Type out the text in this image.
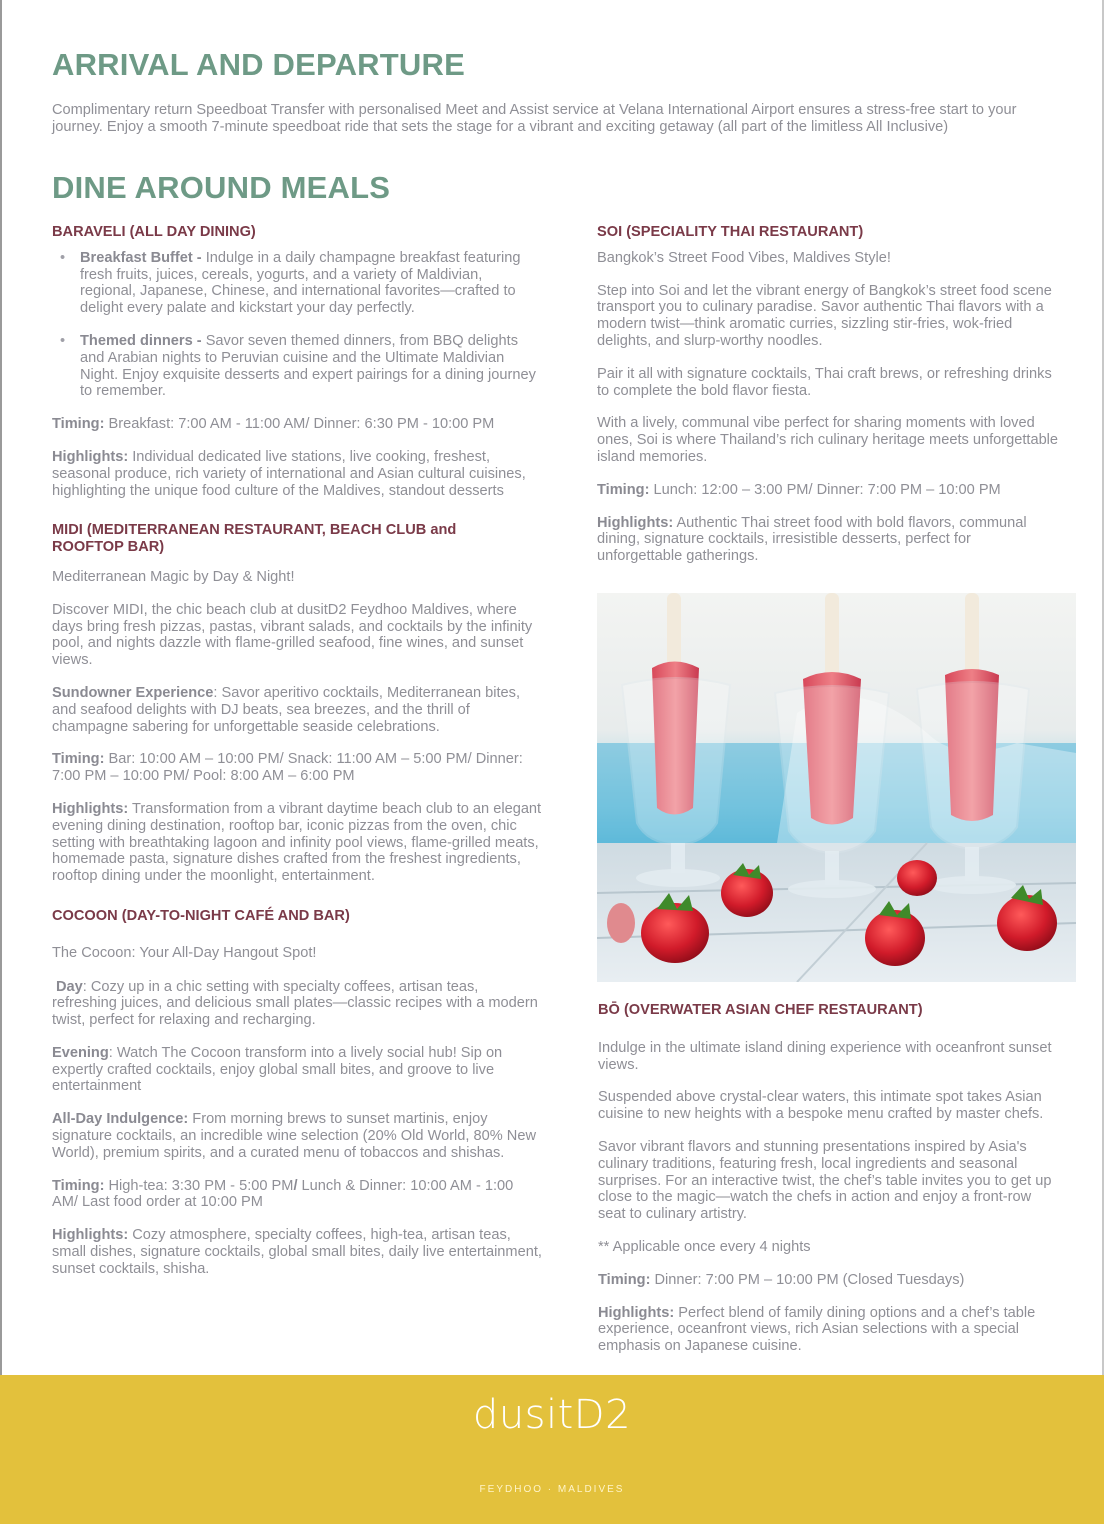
ARRIVAL AND DEPARTURE

Complimentary return Speedboat Transfer with personalised Meet and Assist service at Velana International Airport ensures a stress-free start to your journey. Enjoy a smooth 7-minute speedboat ride that sets the stage for a vibrant and exciting getaway (all part of the limitless All Inclusive)

DINE AROUND MEALS

BARAVELI (ALL DAY DINING)

• Breakfast Buffet - Indulge in a daily champagne breakfast featuring fresh fruits, juices, cereals, yogurts, and a variety of Maldivian, regional, Japanese, Chinese, and international favorites—crafted to delight every palate and kickstart your day perfectly.
• Themed dinners - Savor seven themed dinners, from BBQ delights and Arabian nights to Peruvian cuisine and the Ultimate Maldivian Night. Enjoy exquisite desserts and expert pairings for a dining journey to remember.

Timing: Breakfast: 7:00 AM - 11:00 AM/ Dinner: 6:30 PM - 10:00 PM

Highlights: Individual dedicated live stations, live cooking, freshest, seasonal produce, rich variety of international and Asian cultural cuisines, highlighting the unique food culture of the Maldives, standout desserts

MIDI (MEDITERRANEAN RESTAURANT, BEACH CLUB and ROOFTOP BAR)

Mediterranean Magic by Day & Night!

Discover MIDI, the chic beach club at dusitD2 Feydhoo Maldives, where days bring fresh pizzas, pastas, vibrant salads, and cocktails by the infinity pool, and nights dazzle with flame-grilled seafood, fine wines, and sunset views.

Sundowner Experience: Savor aperitivo cocktails, Mediterranean bites, and seafood delights with DJ beats, sea breezes, and the thrill of champagne sabering for unforgettable seaside celebrations.

Timing: Bar: 10:00 AM – 10:00 PM/ Snack: 11:00 AM – 5:00 PM/ Dinner: 7:00 PM – 10:00 PM/ Pool: 8:00 AM – 6:00 PM

Highlights: Transformation from a vibrant daytime beach club to an elegant evening dining destination, rooftop bar, iconic pizzas from the oven, chic setting with breathtaking lagoon and infinity pool views, flame-grilled meats, homemade pasta, signature dishes crafted from the freshest ingredients, rooftop dining under the moonlight, entertainment.

COCOON (DAY-TO-NIGHT CAFÉ AND BAR)

The Cocoon: Your All-Day Hangout Spot!

Day: Cozy up in a chic setting with specialty coffees, artisan teas, refreshing juices, and delicious small plates—classic recipes with a modern twist, perfect for relaxing and recharging.

Evening: Watch The Cocoon transform into a lively social hub! Sip on expertly crafted cocktails, enjoy global small bites, and groove to live entertainment

All-Day Indulgence: From morning brews to sunset martinis, enjoy signature cocktails, an incredible wine selection (20% Old World, 80% New World), premium spirits, and a curated menu of tobaccos and shishas.

Timing: High-tea: 3:30 PM - 5:00 PM/ Lunch & Dinner: 10:00 AM - 1:00 AM/ Last food order at 10:00 PM

Highlights: Cozy atmosphere, specialty coffees, high-tea, artisan teas, small dishes, signature cocktails, global small bites, daily live entertainment, sunset cocktails, shisha.

SOI (SPECIALITY THAI RESTAURANT)

Bangkok’s Street Food Vibes, Maldives Style!

Step into Soi and let the vibrant energy of Bangkok’s street food scene transport you to culinary paradise. Savor authentic Thai flavors with a modern twist—think aromatic curries, sizzling stir-fries, wok-fried delights, and slurp-worthy noodles.

Pair it all with signature cocktails, Thai craft brews, or refreshing drinks to complete the bold flavor fiesta.

With a lively, communal vibe perfect for sharing moments with loved ones, Soi is where Thailand’s rich culinary heritage meets unforgettable island memories.

Timing: Lunch: 12:00 – 3:00 PM/ Dinner: 7:00 PM – 10:00 PM

Highlights: Authentic Thai street food with bold flavors, communal dining, signature cocktails, irresistible desserts, perfect for unforgettable gatherings.

BŌ (OVERWATER ASIAN CHEF RESTAURANT)

Indulge in the ultimate island dining experience with oceanfront sunset views.

Suspended above crystal-clear waters, this intimate spot takes Asian cuisine to new heights with a bespoke menu crafted by master chefs.

Savor vibrant flavors and stunning presentations inspired by Asia's culinary traditions, featuring fresh, local ingredients and seasonal surprises. For an interactive twist, the chef’s table invites you to get up close to the magic—watch the chefs in action and enjoy a front-row seat to culinary artistry.

** Applicable once every 4 nights

Timing: Dinner: 7:00 PM – 10:00 PM (Closed Tuesdays)

Highlights: Perfect blend of family dining options and a chef’s table experience, oceanfront views, rich Asian selections with a special emphasis on Japanese cuisine.

dusitD2
FEYDHOO · MALDIVES
